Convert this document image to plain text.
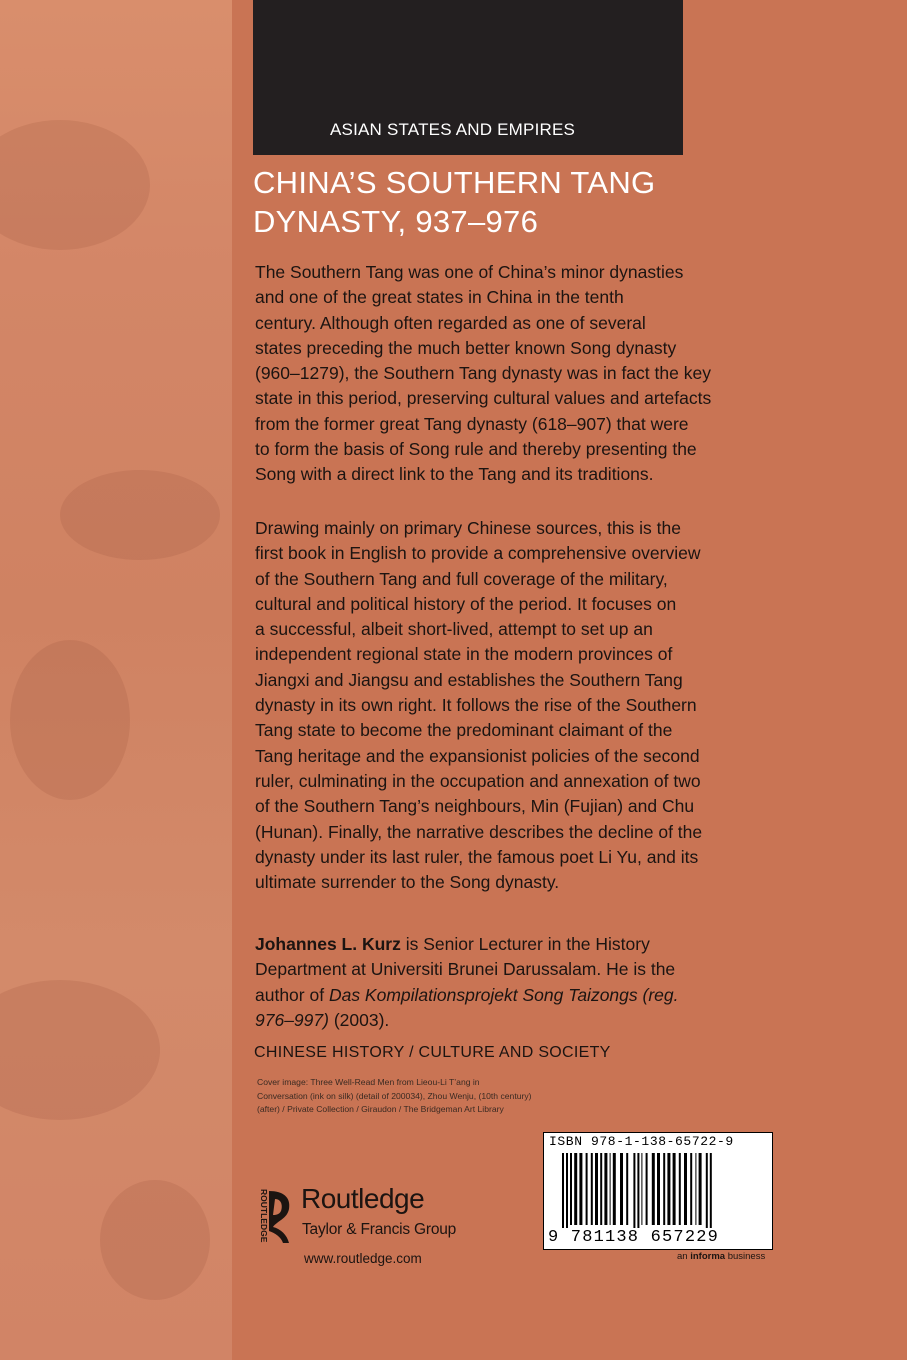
ASIAN STATES AND EMPIRES
CHINA’S SOUTHERN TANG
DYNASTY, 937–976
The Southern Tang was one of China’s minor dynasties
and one of the great states in China in the tenth
century. Although often regarded as one of several
states preceding the much better known Song dynasty
(960–1279), the Southern Tang dynasty was in fact the key
state in this period, preserving cultural values and artefacts
from the former great Tang dynasty (618–907) that were
to form the basis of Song rule and thereby presenting the
Song with a direct link to the Tang and its traditions.
Drawing mainly on primary Chinese sources, this is the
first book in English to provide a comprehensive overview
of the Southern Tang and full coverage of the military,
cultural and political history of the period. It focuses on
a successful, albeit short-lived, attempt to set up an
independent regional state in the modern provinces of
Jiangxi and Jiangsu and establishes the Southern Tang
dynasty in its own right. It follows the rise of the Southern
Tang state to become the predominant claimant of the
Tang heritage and the expansionist policies of the second
ruler, culminating in the occupation and annexation of two
of the Southern Tang’s neighbours, Min (Fujian) and Chu
(Hunan). Finally, the narrative describes the decline of the
dynasty under its last ruler, the famous poet Li Yu, and its
ultimate surrender to the Song dynasty.
Johannes L. Kurz is Senior Lecturer in the History
Department at Universiti Brunei Darussalam. He is the
author of Das Kompilationsprojekt Song Taizongs (reg.
976–997) (2003).
CHINESE HISTORY / CULTURE AND SOCIETY
Cover image: Three Well-Read Men from Lieou-Li T’ang in
Conversation (ink on silk) (detail of 200034), Zhou Wenju, (10th century)
(after) / Private Collection / Giraudon / The Bridgeman Art Library
ISBN 978-1-138-65722-9
9 781138 657229
an informa business
ROUTLEDGE Routledge
Taylor & Francis Group
www.routledge.com
